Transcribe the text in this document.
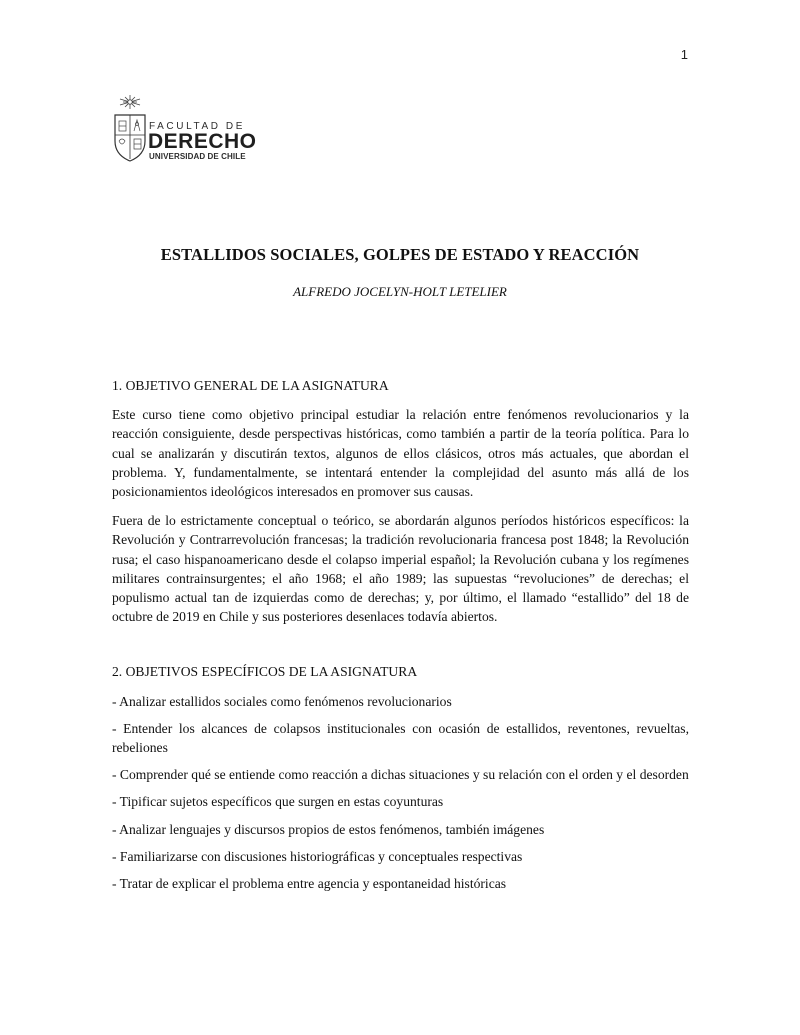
1
FACULTAD DE
DERECHO
UNIVERSIDAD DE CHILE
ESTALLIDOS SOCIALES, GOLPES DE ESTADO Y REACCIÓN
ALFREDO JOCELYN-HOLT LETELIER
1. OBJETIVO GENERAL DE LA ASIGNATURA

Este curso tiene como objetivo principal estudiar la relación entre fenómenos revolucionarios y la reacción consiguiente, desde perspectivas históricas, como también a partir de la teoría política. Para lo cual se analizarán y discutirán textos, algunos de ellos clásicos, otros más actuales, que abordan el problema. Y, fundamentalmente, se intentará entender la complejidad del asunto más allá de los posicionamientos ideológicos interesados en promover sus causas.

Fuera de lo estrictamente conceptual o teórico, se abordarán algunos períodos históricos específicos: la Revolución y Contrarrevolución francesas; la tradición revolucionaria francesa post 1848; la Revolución rusa; el caso hispanoamericano desde el colapso imperial español; la Revolución cubana y los regímenes militares contrainsurgentes; el año 1968; el año 1989; las supuestas “revoluciones” de derechas; el populismo actual tan de izquierdas como de derechas; y, por último, el llamado “estallido” del 18 de octubre de 2019 en Chile y sus posteriores desenlaces todavía abiertos.

2. OBJETIVOS ESPECÍFICOS DE LA ASIGNATURA

- Analizar estallidos sociales como fenómenos revolucionarios

- Entender los alcances de colapsos institucionales con ocasión de estallidos, reventones, revueltas, rebeliones

- Comprender qué se entiende como reacción a dichas situaciones y su relación con el orden y el desorden

- Tipificar sujetos específicos que surgen en estas coyunturas

- Analizar lenguajes y discursos propios de estos fenómenos, también imágenes

- Familiarizarse con discusiones historiográficas y conceptuales respectivas

- Tratar de explicar el problema entre agencia y espontaneidad históricas
